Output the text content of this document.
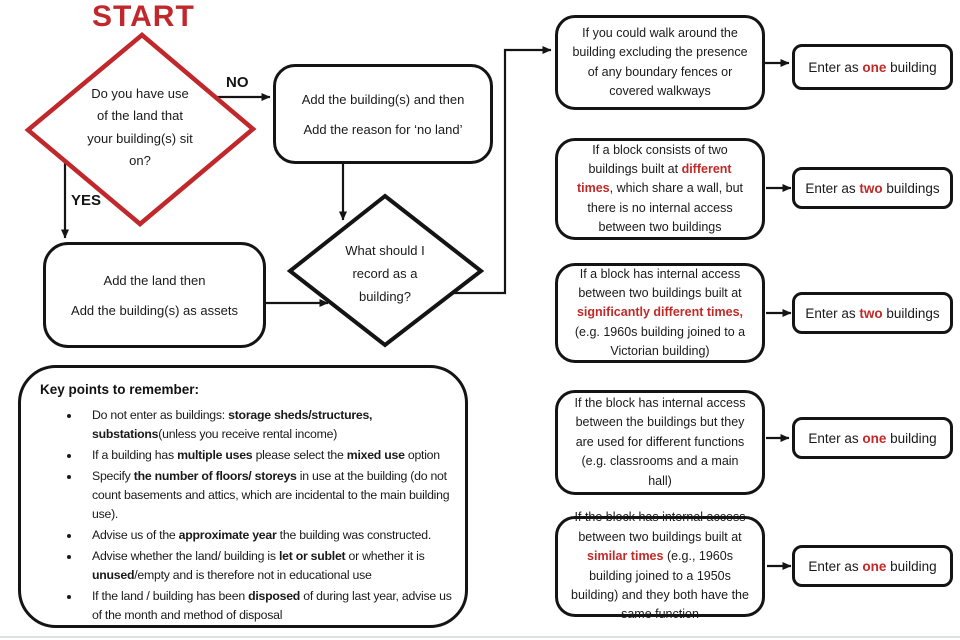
START
NO
YES
Do you have use of the land that your building(s) sit on?
What should I record as a building?

Add the building(s) and then

Add the reason for ‘no land’

Add the land then

Add the building(s) as assets

If you could walk around the building excluding the presence of any boundary fences or covered walkways
If a block consists of two buildings built at different times, which share a wall, but there is no internal access between two buildings
If a block has internal access between two buildings built at significantly different times, (e.g. 1960s building joined to a Victorian building)
If the block has internal access between the buildings but they are used for different functions (e.g. classrooms and a main hall)
If the block has internal access between two buildings built at similar times (e.g., 1960s building joined to a 1950s building) and they both have the same function
Enter as one building
Enter as two buildings
Enter as two buildings
Enter as one building
Enter as one building
Key points to remember:
• Do not enter as buildings: storage sheds/structures, substations(unless you receive rental income)
• If a building has multiple uses please select the mixed use option
• Specify the number of floors/ storeys in use at the building (do not count basements and attics, which are incidental to the main building use).
• Advise us of the approximate year the building was constructed.
• Advise whether the land/ building is let or sublet or whether it is unused/empty and is therefore not in educational use
• If the land / building has been disposed of during last year, advise us of the month and method of disposal
